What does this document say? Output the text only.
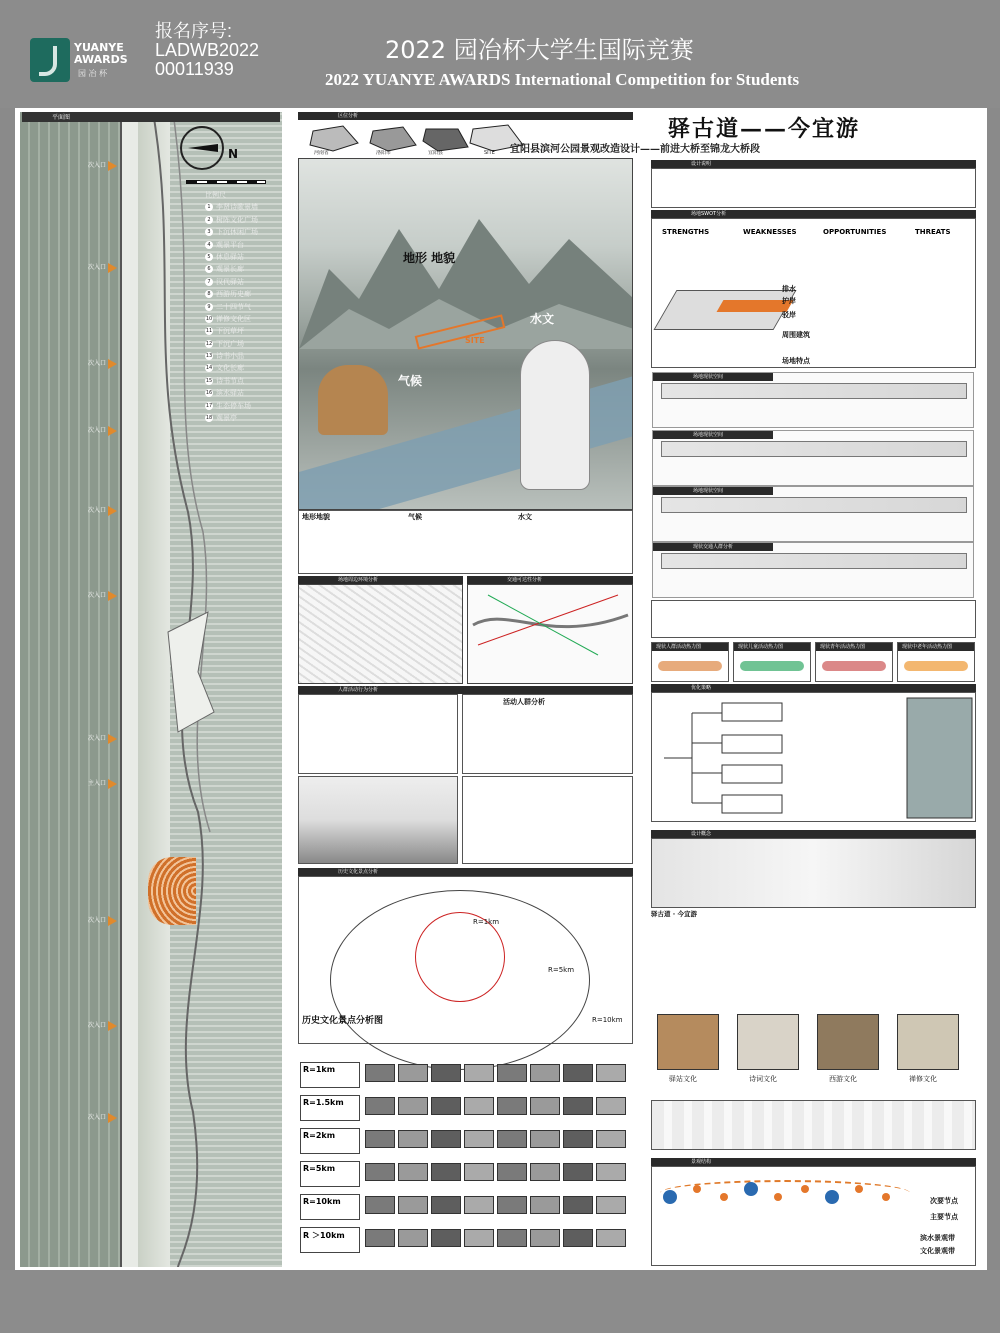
YUANYE AWARDS
园 冶 杯
报名序号:
LADWB2022
00011939
2022 园冶杯大学生国际竞赛
2022 YUANYE AWARDS International Competition for Students
平面图
N
比例尺
1 李贤诗歌景墙
2 树阵文化广场
3 下沉休闲广场
4 观景平台
5 休息驿站
6 观景长廊
7 汉代驿站
8 西游历史廊
9 二十四节气
10 禅修文化区
11 下沉草坪
12 下沉广场
13 诗书小品
14 文化长廊
15 诗书节点
16 滨水驿站
17 生态停车场
18 观景亭
次入口
次入口
次入口
次入口
次入口
次入口
次入口
主入口
次入口
次入口
次入口
区位分析
河南省	洛阳市	宜阳县	SITE
地形 地貌
水文
气候
SITE
地形地貌	气候	水文
场地周边环境分析	交通可达性分析
人群活动行为分析
活动人群分析
历史文化景点分析
R=1km
R=5km
R=10km
历史文化景点分析图
R=1km
R=1.5km
R=2km
R=5km
R=10km
R ＞10km
驿古道——今宜游
宜阳县滨河公园景观改造设计——前进大桥至锦龙大桥段
设计说明
场地SWOT分析
STRENGTHS	WEAKNESSES	OPPORTUNITIES	THREATS
排水
护岸
驳岸
周围建筑
场地特点
场地现状空间
场地现状空间
场地现状空间
现状交通人群分析
现状人群活动热力图	现状儿童活动热力图	现状青年活动热力图	现状中老年活动热力图
优化策略
设计概念
驿古道 · 今宜游
驿站文化	诗词文化	西游文化	禅修文化
景观结构
次要节点
主要节点
滨水景观带
文化景观带
